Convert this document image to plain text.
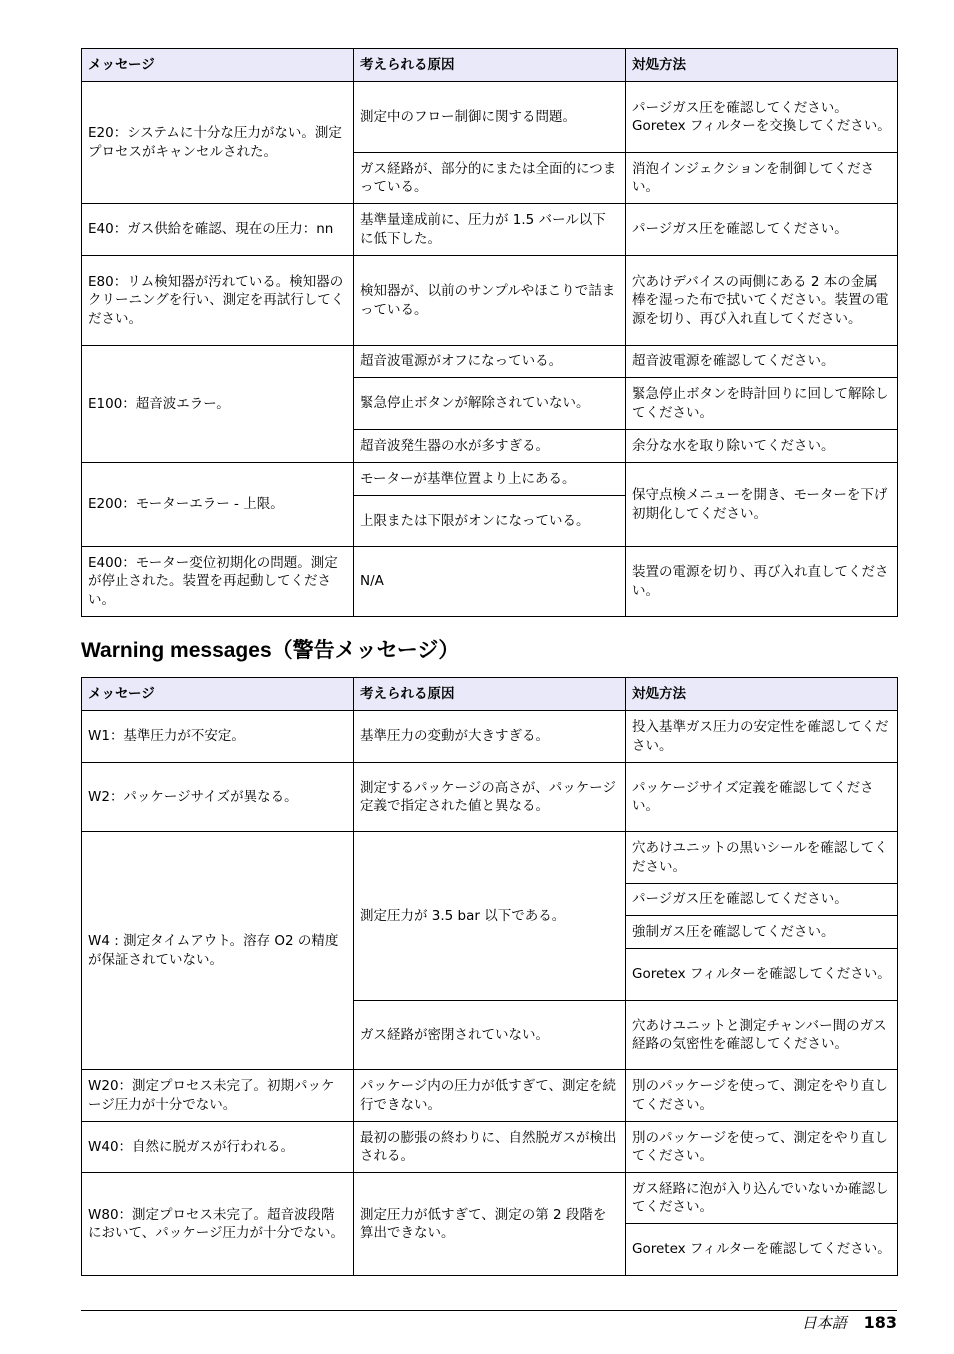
メッセージ	考えられる原因	対処方法
E20：システムに十分な圧力がない。測定プロセスがキャンセルされた。	測定中のフロー制御に関する問題。	パージガス圧を確認してください。Goretex フィルターを交換してください。
	ガス経路が、部分的にまたは全面的につまっている。	消泡インジェクションを制御してください。
E40：ガス供給を確認、現在の圧力：nn	基準量達成前に、圧力が 1.5 バール以下に低下した。	パージガス圧を確認してください。
E80：リム検知器が汚れている。検知器のクリーニングを行い、測定を再試行してください。	検知器が、以前のサンプルやほこりで詰まっている。	穴あけデバイスの両側にある 2 本の金属棒を湿った布で拭いてください。装置の電源を切り、再び入れ直してください。
E100：超音波エラー。	超音波電源がオフになっている。	超音波電源を確認してください。
	緊急停止ボタンが解除されていない。	緊急停止ボタンを時計回りに回して解除してください。
	超音波発生器の水が多すぎる。	余分な水を取り除いてください。
E200：モーターエラー - 上限。	モーターが基準位置より上にある。	保守点検メニューを開き、モーターを下げ初期化してください。
	上限または下限がオンになっている。	
E400：モーター変位初期化の問題。測定が停止された。装置を再起動してください。	N/A	装置の電源を切り、再び入れ直してください。
Warning messages（警告メッセージ）
メッセージ	考えられる原因	対処方法
W1：基準圧力が不安定。	基準圧力の変動が大きすぎる。	投入基準ガス圧力の安定性を確認してください。
W2：パッケージサイズが異なる。	測定するパッケージの高さが、パッケージ定義で指定された値と異なる。	パッケージサイズ定義を確認してください。
W4 : 測定タイムアウト。溶存 O2 の精度が保証されていない。	測定圧力が 3.5 bar 以下である。	穴あけユニットの黒いシールを確認してください。
		パージガス圧を確認してください。
		強制ガス圧を確認してください。
		Goretex フィルターを確認してください。
	ガス経路が密閉されていない。	穴あけユニットと測定チャンバー間のガス経路の気密性を確認してください。
W20：測定プロセス未完了。初期パッケージ圧力が十分でない。	パッケージ内の圧力が低すぎて、測定を続行できない。	別のパッケージを使って、測定をやり直してください。
W40：自然に脱ガスが行われる。	最初の膨張の終わりに、自然脱ガスが検出される。	別のパッケージを使って、測定をやり直してください。
W80：測定プロセス未完了。超音波段階において、パッケージ圧力が十分でない。	測定圧力が低すぎて、測定の第 2 段階を算出できない。	ガス経路に泡が入り込んでいないか確認してください。
		Goretex フィルターを確認してください。
日本語 183
